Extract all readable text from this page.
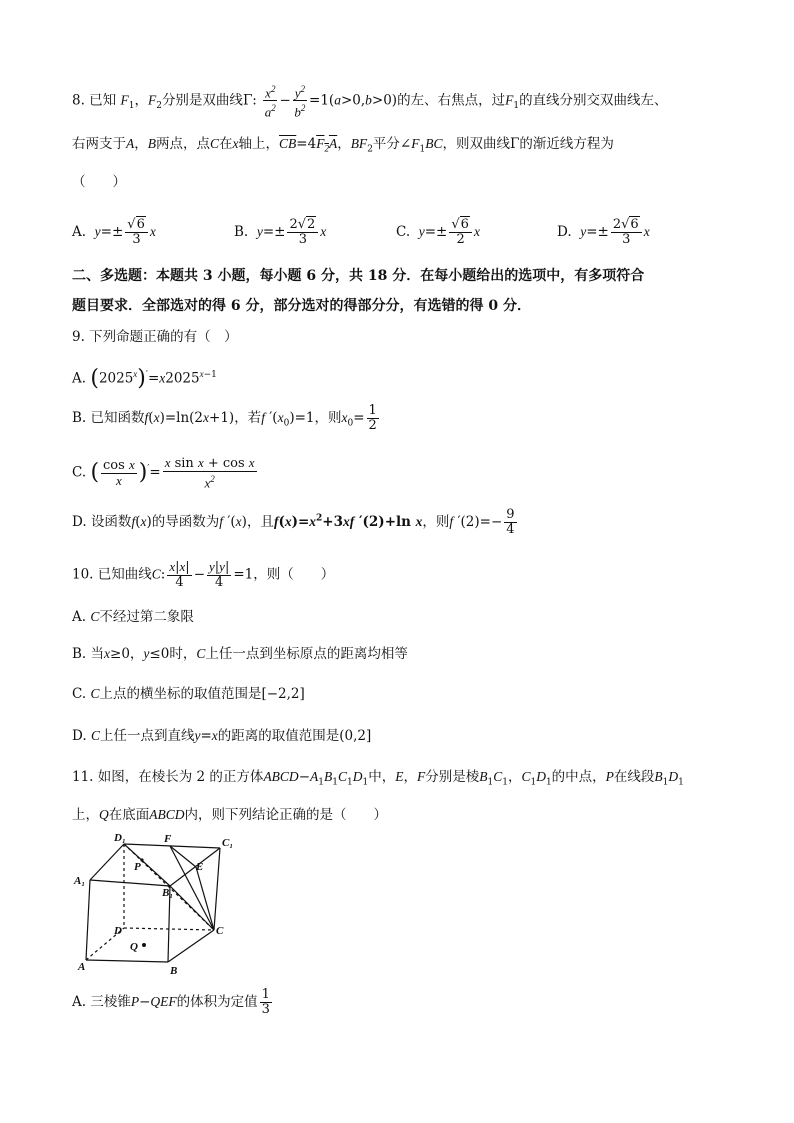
8. 已知 $F_1$，$F_2$分别是双曲线Γ: $\frac{x^2}{a^2} - \frac{y^2}{b^2} =1(a>0,b>0)$的左、右焦点，过$F_1$的直线分别交双曲线左、
右两支于A，B两点，点C在x轴上，$\overline{CB}=4F_2A$，$BF_2$平分$\angle F_1BC$，则双曲线Γ的渐近线方程为
（　　）
A. $y=\pm \frac{√6}{3}$ x	B. $y=\pm \frac{2√2}{3}$ x	C. $y=\pm \frac{√6}{2}$ x	D. $y=\pm \frac{2√6}{3}$ x
二、多选题：本题共 3 小题，每小题 6 分，共 18 分．在每小题给出的选项中，有多项符合
题目要求．全部选对的得 6 分，部分选对的得部分分，有选错的得 0 分．
9. 下列命题正确的有（　）
A. $(2025^x)'=x2025^{x-1}$
B. 已知函数f(x)=ln(2x+1)，若f $'(x_0)=1$，则$x_0= \frac{1}{2}$
C. ( $\frac{\text{cos x}}{x} )'= \frac{\text{x sin x + cos x}}{x^2}$
D. 设函数f(x)的导函数为f ′(x)，且$f(x)=x^2+3xf$ ′(2)+ln x，则f $'(2)=- \frac{9}{4}$
10. 已知曲线C: $\frac{x|x|}{4} - \frac{y|y|}{4} =1$，则（　　）
A. C不经过第二象限
B. 当x≥0，y≤0时，C上任一点到坐标原点的距离均相等
C. C上点的横坐标的取值范围是[−2,2]
D. C上任一点到直线y=x的距离的取值范围是(0,2]
11. 如图，在棱长为 2 的正方体$ABCD-A_1B_1C_1D_1$中，E，F分别是棱$B_1C_1$，$C_1D_1$的中点，P在线段$B_1D_1$
上，Q在底面ABCD内，则下列结论正确的是（　　）
D₁	F	C₁
P	E
A₁
B₁
D	C
Q
A	B
A. 三棱锥P−QEF的体积为定值 $\frac{1}{3}$
